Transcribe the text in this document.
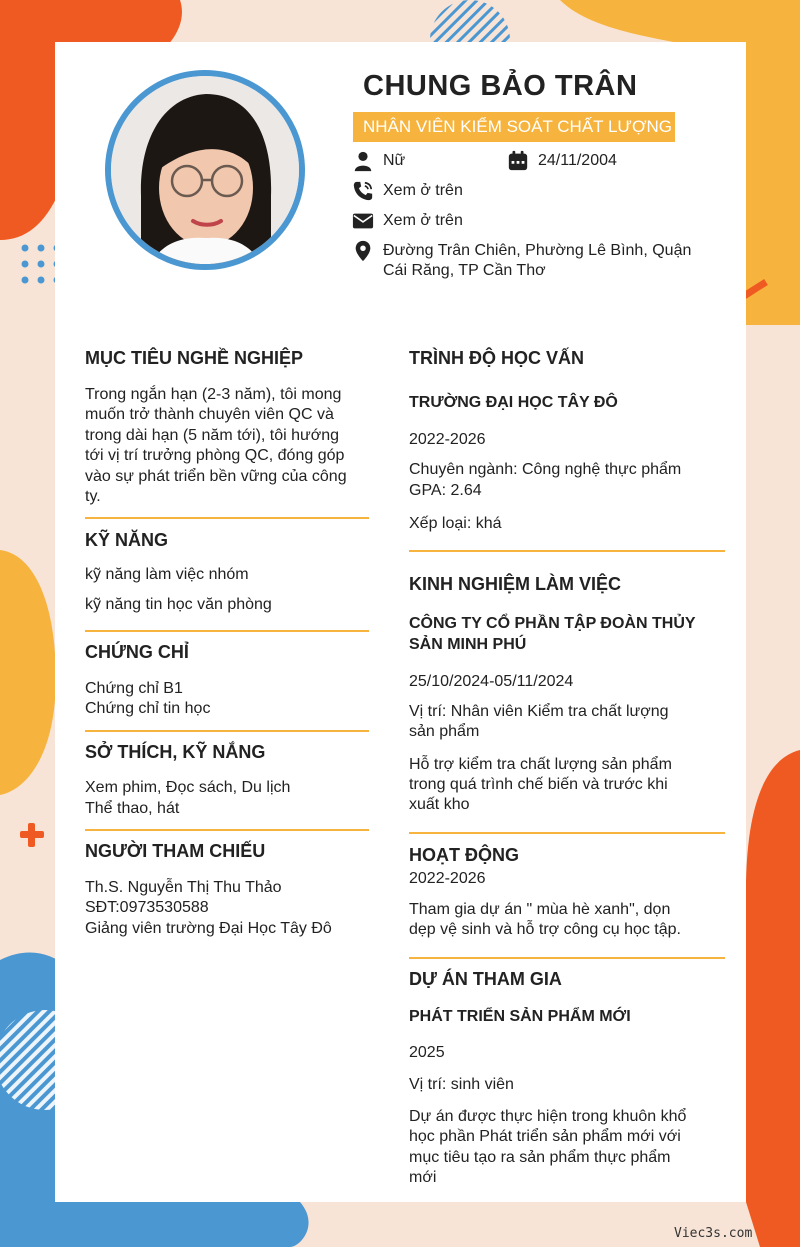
CHUNG BẢO TRÂN
NHÂN VIÊN KIỂM SOÁT CHẤT LƯỢNG
Nữ	24/11/2004
Xem ở trên
Xem ở trên
Đường Trân Chiên, Phường Lê Bình, Quận
Cái Răng, TP Cần Thơ
MỤC TIÊU NGHỀ NGHIỆP
Trong ngắn hạn (2-3 năm), tôi mong
muốn trở thành chuyên viên QC và
trong dài hạn (5 năm tới), tôi hướng
tới vị trí trưởng phòng QC, đóng góp
vào sự phát triển bền vững của công
ty.
KỸ NĂNG
kỹ năng làm việc nhóm
kỹ năng tin học văn phòng
CHỨNG CHỈ
Chứng chỉ B1
Chứng chỉ tin học
SỞ THÍCH, KỸ NẮNG
Xem phim, Đọc sách, Du lịch
Thể thao, hát
NGƯỜI THAM CHIẾU
Th.S. Nguyễn Thị Thu Thảo
SĐT:0973530588
Giảng viên trường Đại Học Tây Đô
TRÌNH ĐỘ HỌC VẤN
TRƯỜNG ĐẠI HỌC TÂY ĐÔ
2022-2026
Chuyên ngành: Công nghệ thực phẩm
GPA: 2.64
Xếp loại: khá
KINH NGHIỆM LÀM VIỆC
CÔNG TY CỔ PHẦN TẬP ĐOÀN THỦY
SẢN MINH PHÚ
25/10/2024-05/11/2024
Vị trí: Nhân viên Kiểm tra chất lượng
sản phẩm
Hỗ trợ kiểm tra chất lượng sản phẩm
trong quá trình chế biến và trước khi
xuất kho
HOẠT ĐỘNG
2022-2026
Tham gia dự án " mùa hè xanh", dọn
dẹp vệ sinh và hỗ trợ công cụ học tập.
DỰ ÁN THAM GIA
PHÁT TRIỂN SẢN PHẨM MỚI
2025
Vị trí: sinh viên
Dự án được thực hiện trong khuôn khổ
học phần Phát triển sản phẩm mới với
mục tiêu tạo ra sản phẩm thực phẩm
mới
Viec3s.com
